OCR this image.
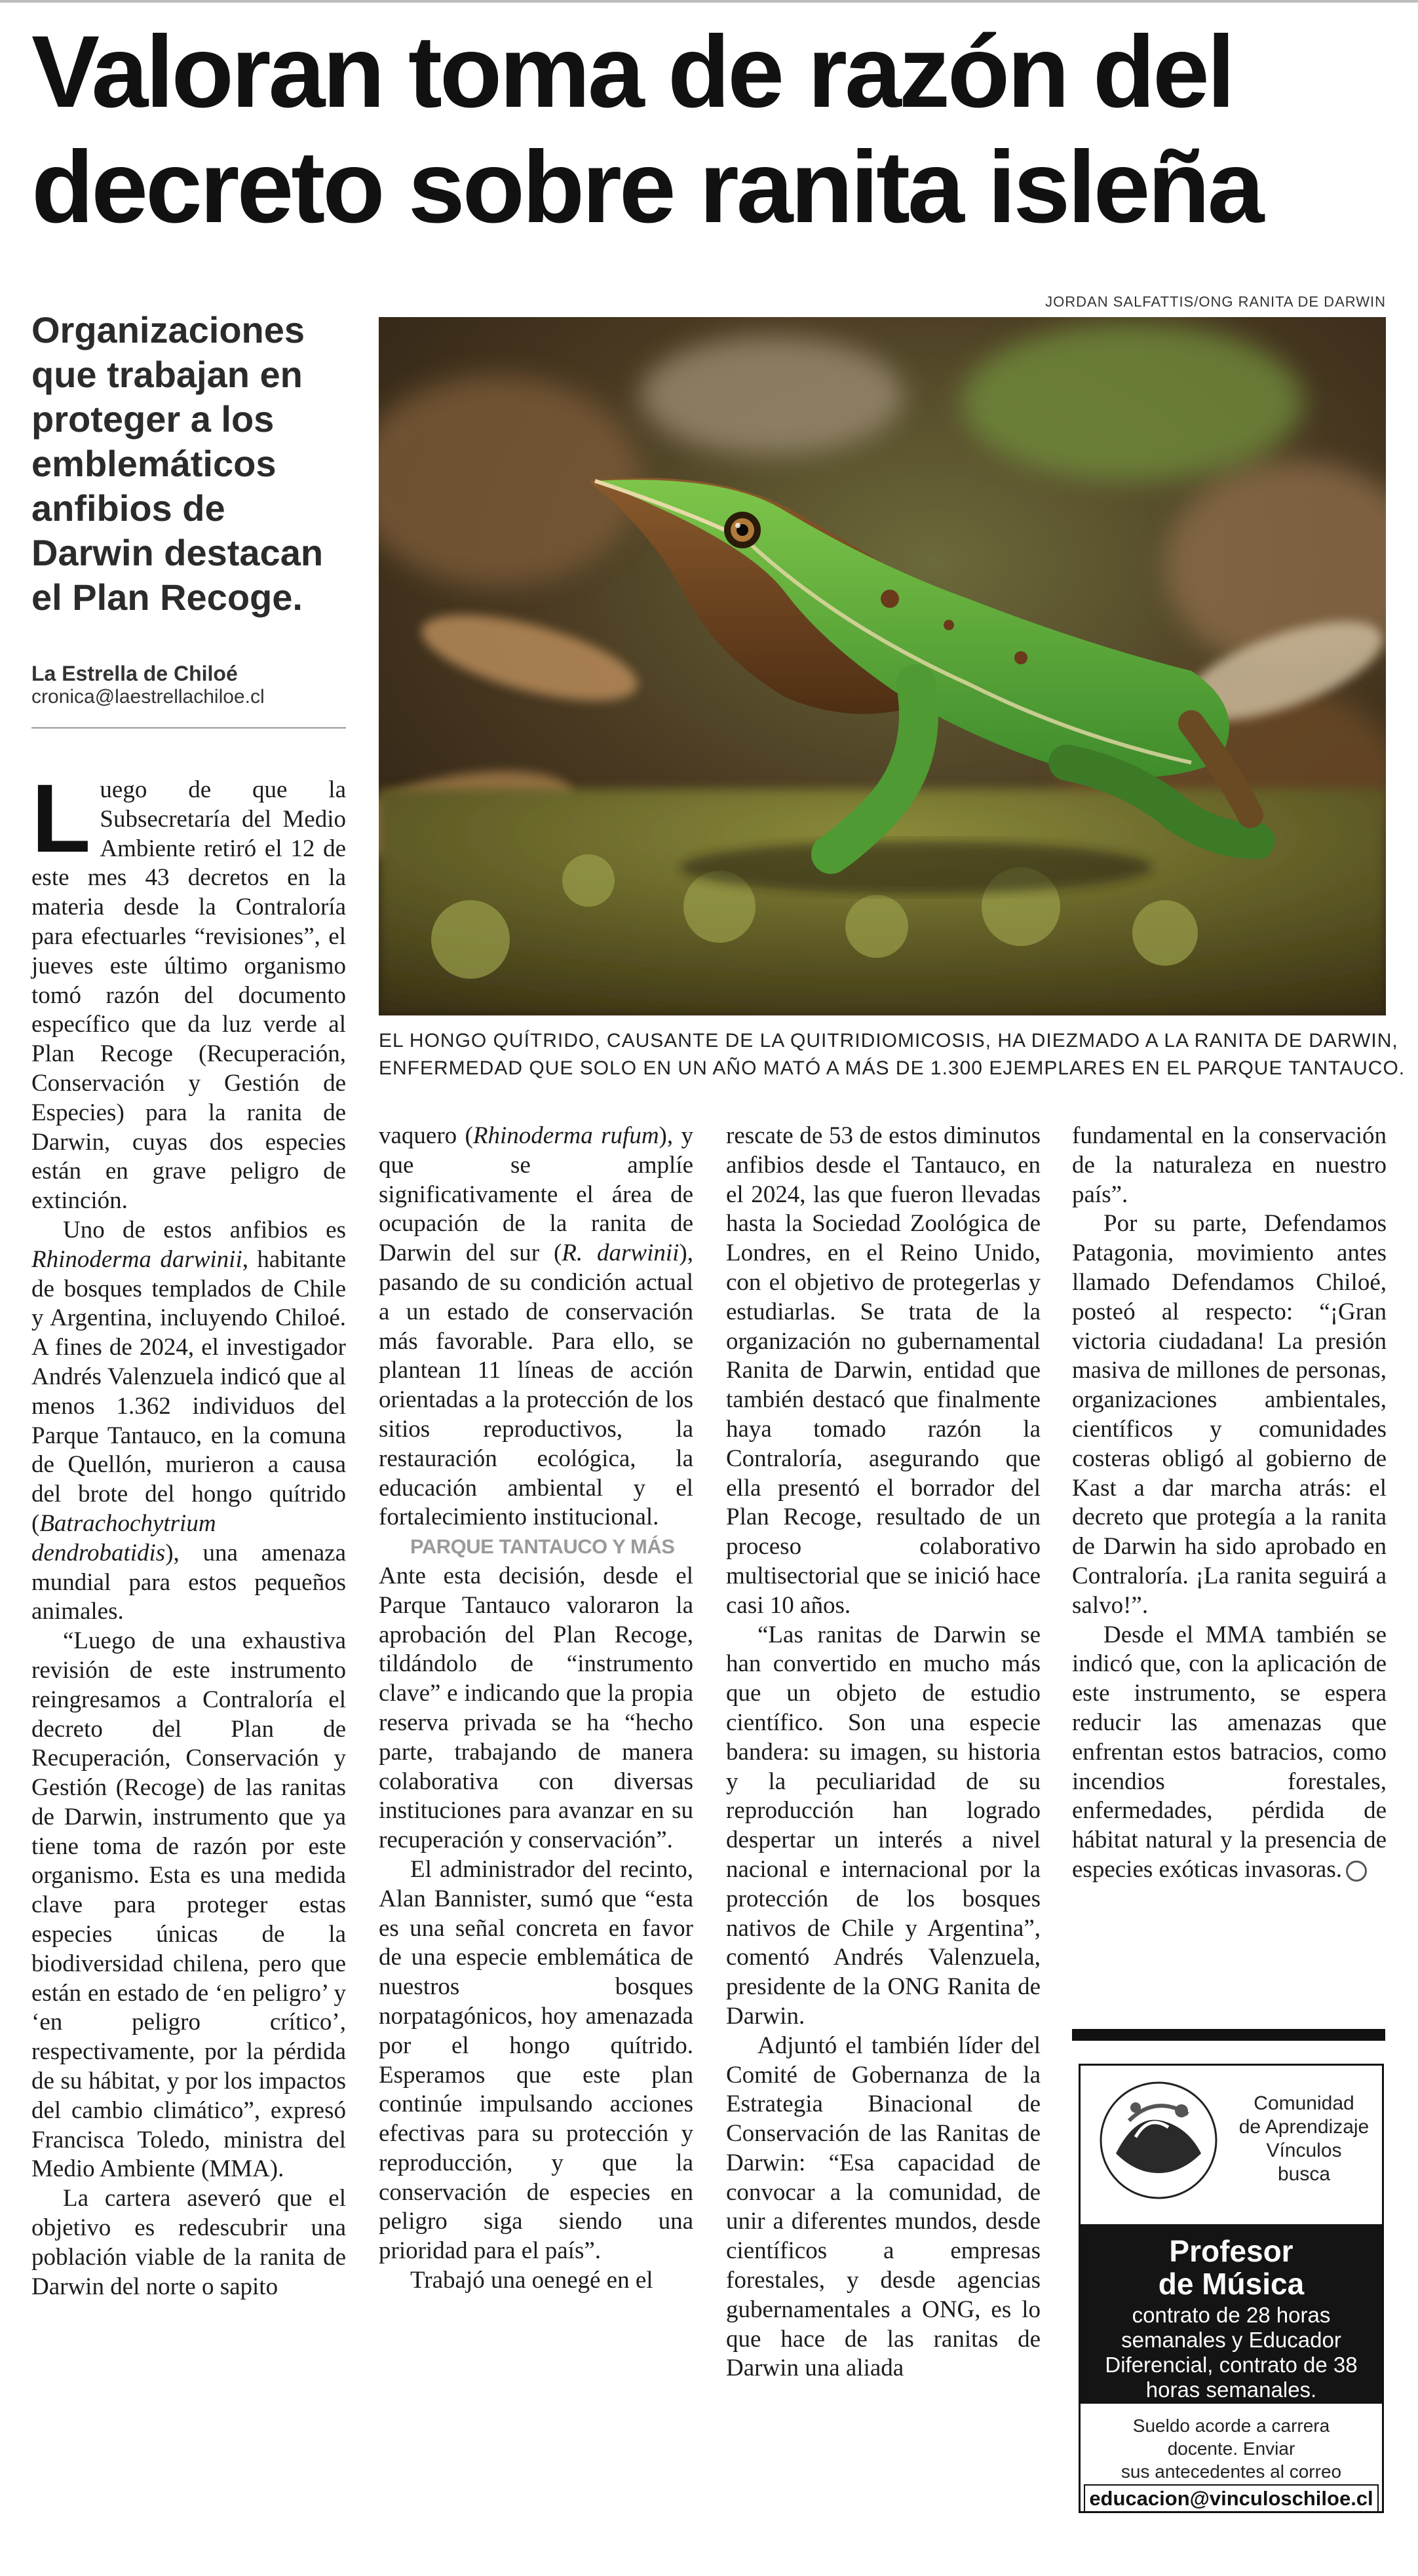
Valoran toma de razón del
decreto sobre ranita isleña
JORDAN SALFATTIS/ONG RANITA DE DARWIN
EL HONGO QUÍTRIDO, CAUSANTE DE LA QUITRIDIOMICOSIS, HA DIEZMADO A LA RANITA DE DARWIN,
ENFERMEDAD QUE SOLO EN UN AÑO MATÓ A MÁS DE 1.300 EJEMPLARES EN EL PARQUE TANTAUCO.
Organizaciones que trabajan en proteger a los emblemáticos anfibios de Darwin destacan el Plan Recoge.
La Estrella de Chiloé
cronica@laestrellachiloe.cl

Luego de que la Subsecretaría del Medio Ambiente retiró el 12 de este mes 43 decretos en la materia desde la Contraloría para efectuarles “revisiones”, el jueves este último organismo tomó razón del documento específico que da luz verde al Plan Recoge (Recuperación, Conservación y Gestión de Especies) para la ranita de Darwin, cuyas dos especies están en grave peligro de extinción.

Uno de estos anfibios es Rhinoderma darwinii, habitante de bosques templados de Chile y Argentina, incluyendo Chiloé. A fines de 2024, el investigador Andrés Valenzuela indicó que al menos 1.362 individuos del Parque Tantauco, en la comuna de Quellón, murieron a causa del brote del hongo quítrido (Batrachochytrium dendrobatidis), una amenaza mundial para estos pequeños animales.

“Luego de una exhaustiva revisión de este instrumento reingresamos a Contraloría el decreto del Plan de Recuperación, Conservación y Gestión (Recoge) de las ranitas de Darwin, instrumento que ya tiene toma de razón por este organismo. Esta es una medida clave para proteger estas especies únicas de la biodiversidad chilena, pero que están en estado de ‘en peligro’ y ‘en peligro crítico’, respectivamente, por la pérdida de su hábitat, y por los impactos del cambio climático”, expresó Francisca Toledo, ministra del Medio Ambiente (MMA).

La cartera aseveró que el objetivo es redescubrir una población viable de la ranita de Darwin del norte o sapito

vaquero (Rhinoderma rufum), y que se amplíe significativamente el área de ocupación de la ranita de Darwin del sur (R. darwinii), pasando de su condición actual a un estado de conservación más favorable. Para ello, se plantean 11 líneas de acción orientadas a la protección de los sitios reproductivos, la restauración ecológica, la educación ambiental y el fortalecimiento institucional.

PARQUE TANTAUCO Y MÁS

Ante esta decisión, desde el Parque Tantauco valoraron la aprobación del Plan Recoge, tildándolo de “instrumento clave” e indicando que la propia reserva privada se ha “hecho parte, trabajando de manera colaborativa con diversas instituciones para avanzar en su recuperación y conservación”.

El administrador del recinto, Alan Bannister, sumó que “esta es una señal concreta en favor de una especie emblemática de nuestros bosques norpatagónicos, hoy amenazada por el hongo quítrido. Esperamos que este plan continúe impulsando acciones efectivas para su protección y reproducción, y que la conservación de especies en peligro siga siendo una prioridad para el país”.

Trabajó una oenegé en el

rescate de 53 de estos diminutos anfibios desde el Tantauco, en el 2024, las que fueron llevadas hasta la Sociedad Zoológica de Londres, en el Reino Unido, con el objetivo de protegerlas y estudiarlas. Se trata de la organización no gubernamental Ranita de Darwin, entidad que también destacó que finalmente haya tomado razón la Contraloría, asegurando que ella presentó el borrador del Plan Recoge, resultado de un proceso colaborativo multisectorial que se inició hace casi 10 años.

“Las ranitas de Darwin se han convertido en mucho más que un objeto de estudio científico. Son una especie bandera: su imagen, su historia y la peculiaridad de su reproducción han logrado despertar un interés a nivel nacional e internacional por la protección de los bosques nativos de Chile y Argentina”, comentó Andrés Valenzuela, presidente de la ONG Ranita de Darwin.

Adjuntó el también líder del Comité de Gobernanza de la Estrategia Binacional de Conservación de las Ranitas de Darwin: “Esa capacidad de convocar a la comunidad, de unir a diferentes mundos, desde científicos a empresas forestales, y desde agencias gubernamentales a ONG, es lo que hace de las ranitas de Darwin una aliada

fundamental en la conservación de la naturaleza en nuestro país”.

Por su parte, Defendamos Patagonia, movimiento antes llamado Defendamos Chiloé, posteó al respecto: “¡Gran victoria ciudadana! La presión masiva de millones de personas, organizaciones ambientales, científicos y comunidades costeras obligó al gobierno de Kast a dar marcha atrás: el decreto que protegía a la ranita de Darwin ha sido aprobado en Contraloría. ¡La ranita seguirá a salvo!”.

Desde el MMA también se indicó que, con la aplicación de este instrumento, se espera reducir las amenazas que enfrentan estos batracios, como incendios forestales, enfermedades, pérdida de hábitat natural y la presencia de especies exóticas invasoras.

Comunidad
de Aprendizaje
Vínculos
busca
Profesor
de Música
contrato de 28 horas semanales y Educador Diferencial, contrato de 38 horas semanales.
Sueldo acorde a carrera
docente. Enviar
sus antecedentes al correo
educacion@vinculoschiloe.cl
